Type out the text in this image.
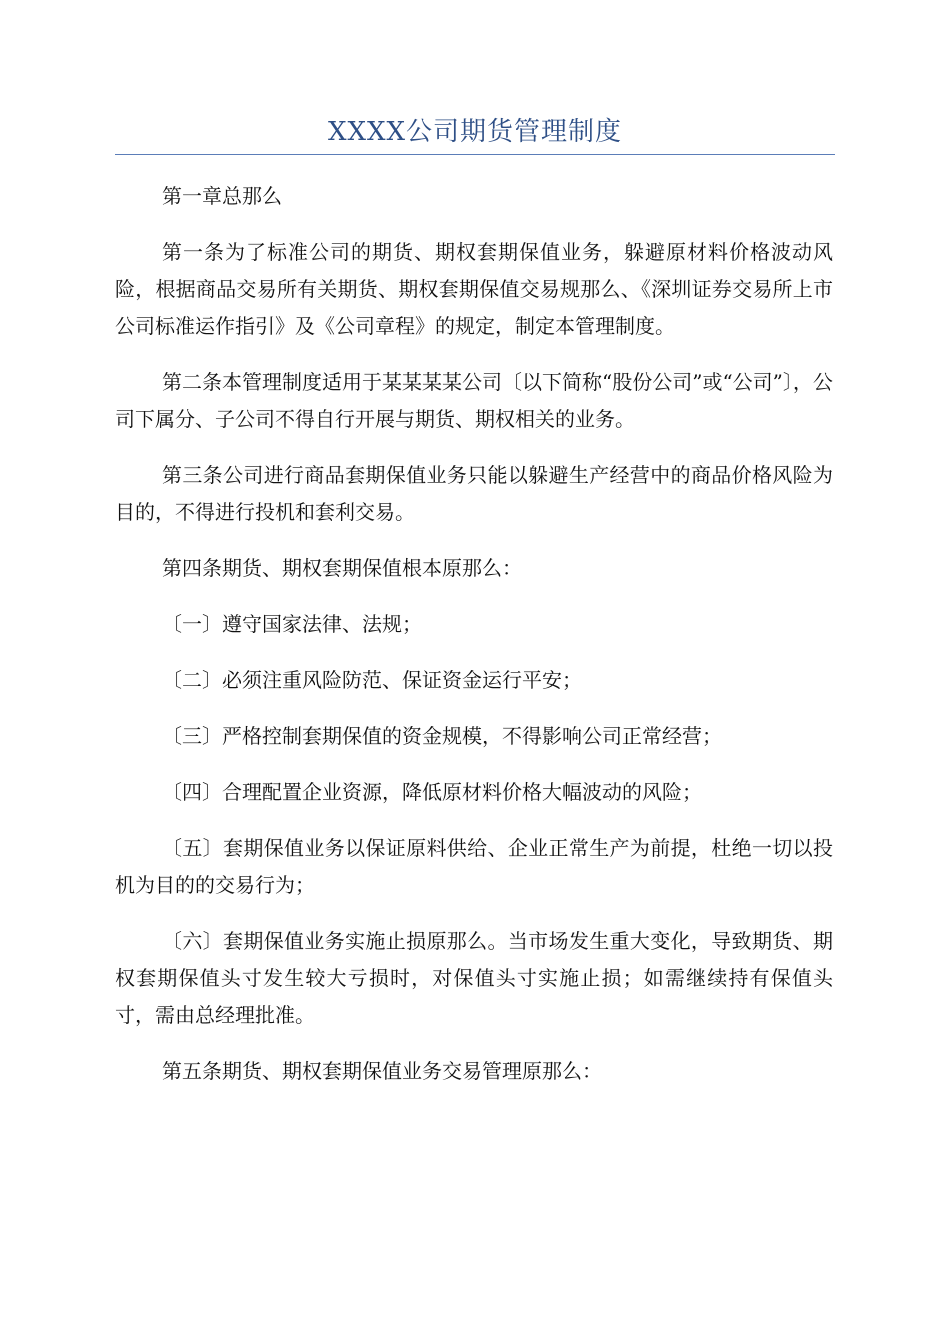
XXXX公司期货管理制度

第一章总那么

第一条为了标准公司的期货、期权套期保值业务，躲避原材料价格波动风险，根据商品交易所有关期货、期权套期保值交易规那么、《深圳证券交易所上市公司标准运作指引》及《公司章程》的规定，制定本管理制度。

第二条本管理制度适用于某某某某公司〔以下简称“股份公司”或“公司”〕，公司下属分、子公司不得自行开展与期货、期权相关的业务。

第三条公司进行商品套期保值业务只能以躲避生产经营中的商品价格风险为目的，不得进行投机和套利交易。

第四条期货、期权套期保值根本原那么：

〔一〕遵守国家法律、法规；

〔二〕必须注重风险防范、保证资金运行平安；

〔三〕严格控制套期保值的资金规模，不得影响公司正常经营；

〔四〕合理配置企业资源，降低原材料价格大幅波动的风险；

〔五〕套期保值业务以保证原料供给、企业正常生产为前提，杜绝一切以投机为目的的交易行为；

〔六〕套期保值业务实施止损原那么。当市场发生重大变化，导致期货、期权套期保值头寸发生较大亏损时，对保值头寸实施止损；如需继续持有保值头寸，需由总经理批准。

第五条期货、期权套期保值业务交易管理原那么：
